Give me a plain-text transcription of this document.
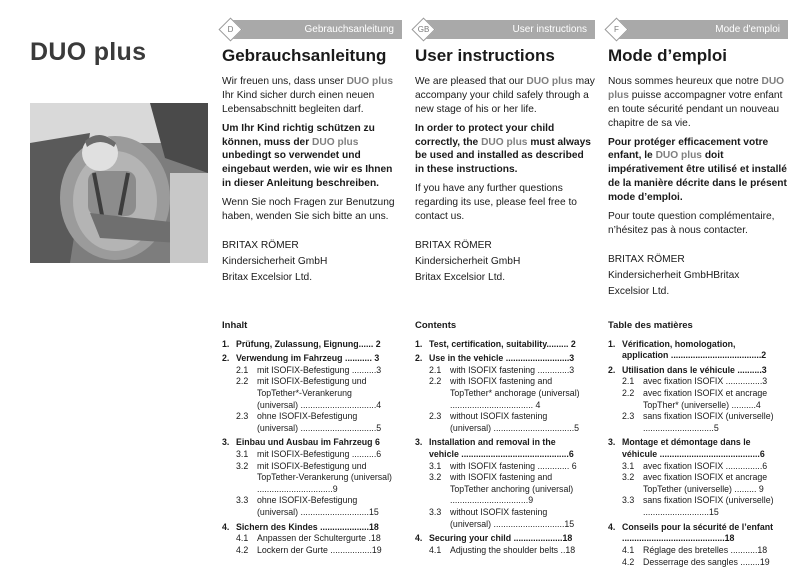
DUO plus
Gebrauchsanleitung
D
Gebrauchsanleitung

Wir freuen uns, dass unser DUO plus Ihr Kind sicher durch einen neuen Lebensabschnitt begleiten darf.

Um Ihr Kind richtig schützen zu können, muss der DUO plus unbedingt so verwendet und eingebaut werden, wie wir es Ihnen in dieser Anleitung beschreiben.

Wenn Sie noch Fragen zur Benutzung haben, wenden Sie sich bitte an uns.

BRITAX RÖMER
Kindersicherheit GmbH
Britax Excelsior Ltd.
User instructions
GB
User instructions

We are pleased that our DUO plus may accompany your child safely through a new stage of his or her life.

In order to protect your child correctly, the DUO plus must always be used and installed as described in these instructions.

If you have any further questions regarding its use, please feel free to contact us.

BRITAX RÖMER
Kindersicherheit GmbH
Britax Excelsior Ltd.
Mode d'emploi
F
Mode d’emploi

Nous sommes heureux que notre DUO plus puisse accompagner votre enfant en toute sécurité pendant un nouveau chapitre de sa vie.

Pour protéger efficacement votre enfant, le DUO plus doit impérativement être utilisé et installé de la manière décrite dans le présent mode d’emploi.

Pour toute question complémentaire, n’hésitez pas à nous contacter.

BRITAX RÖMER
Kindersicherheit GmbHBritax
Excelsior Ltd.
Inhalt
1. Prüfung, Zulassung, Eignung...... 2
2. Verwendung im Fahrzeug ........... 3
2.1 mit ISOFIX-Befestigung ..........3
2.2 mit ISOFIX-Befestigung und TopTether*-Verankerung (universal) ...............................4
2.3 ohne ISOFIX-Befestigung (universal) ...............................5
3. Einbau und Ausbau im Fahrzeug 6
3.1 mit ISOFIX-Befestigung ..........6
3.2 mit ISOFIX-Befestigung und TopTether-Verankerung (universal) ...............................9
3.3 ohne ISOFIX-Befestigung (universal) ............................15
4. Sichern des Kindes ....................18
4.1 Anpassen der Schultergurte .18
4.2 Lockern der Gurte .................19
Contents
1. Test, certification, suitability......... 2
2. Use in the vehicle ..........................3
2.1 with ISOFIX fastening .............3
2.2 with ISOFIX fastening and TopTether* anchorage (universal) .................................. 4
2.3 without ISOFIX fastening (universal) .................................5
3. Installation and removal in the vehicle ............................................6
3.1 with ISOFIX fastening ............. 6
3.2 with ISOFIX fastening and TopTether anchoring (universal) ................................9
3.3 without ISOFIX fastening (universal) .............................15
4. Securing your child ....................18
4.1 Adjusting the shoulder belts ..18
Table des matières
1. Vérification, homologation, application .....................................2
2. Utilisation dans le véhicule ..........3
2.1 avec fixation ISOFIX ...............3
2.2 avec fixation ISOFIX et ancrage TopTher* (universelle) ..........4
2.3 sans fixation ISOFIX (universelle) .............................5
3. Montage et démontage dans le véhicule .........................................6
3.1 avec fixation ISOFIX ...............6
3.2 avec fixation ISOFIX et ancrage TopTether (universelle) ......... 9
3.3 sans fixation ISOFIX (universelle) ...........................15
4. Conseils pour la sécurité de l’enfant ..........................................18
4.1 Réglage des bretelles ...........18
4.2 Desserrage des sangles ........19
